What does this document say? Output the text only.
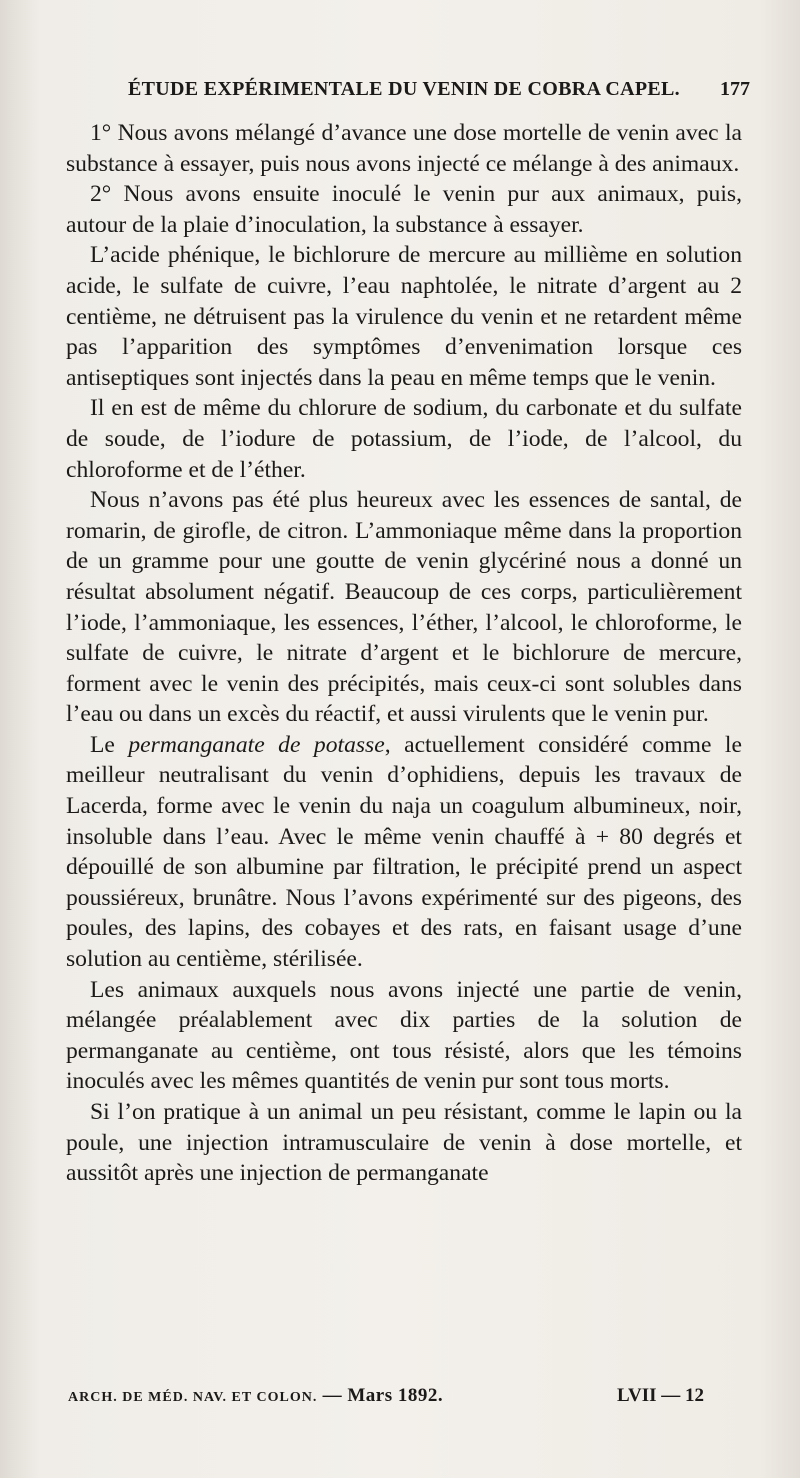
ÉTUDE EXPÉRIMENTALE DU VENIN DE COBRA CAPEL. 177

1° Nous avons mélangé d’avance une dose mortelle de venin avec la substance à essayer, puis nous avons injecté ce mélange à des animaux.

2° Nous avons ensuite inoculé le venin pur aux animaux, puis, autour de la plaie d’inoculation, la substance à essayer.

L’acide phénique, le bichlorure de mercure au millième en solution acide, le sulfate de cuivre, l’eau naphtolée, le nitrate d’argent au 2 centième, ne détruisent pas la virulence du venin et ne retardent même pas l’apparition des symptômes d’envenimation lorsque ces antiseptiques sont injectés dans la peau en même temps que le venin.

Il en est de même du chlorure de sodium, du carbonate et du sulfate de soude, de l’iodure de potassium, de l’iode, de l’alcool, du chloroforme et de l’éther.

Nous n’avons pas été plus heureux avec les essences de santal, de romarin, de girofle, de citron. L’ammoniaque même dans la proportion de un gramme pour une goutte de venin glycériné nous a donné un résultat absolument négatif. Beaucoup de ces corps, particulièrement l’iode, l’ammoniaque, les essences, l’éther, l’alcool, le chloroforme, le sulfate de cuivre, le nitrate d’argent et le bichlorure de mercure, forment avec le venin des précipités, mais ceux-ci sont solubles dans l’eau ou dans un excès du réactif, et aussi virulents que le venin pur.

Le permanganate de potasse, actuellement considéré comme le meilleur neutralisant du venin d’ophidiens, depuis les travaux de Lacerda, forme avec le venin du naja un coagulum albumineux, noir, insoluble dans l’eau. Avec le même venin chauffé à + 80 degrés et dépouillé de son albumine par filtration, le précipité prend un aspect poussiéreux, brunâtre. Nous l’avons expérimenté sur des pigeons, des poules, des lapins, des cobayes et des rats, en faisant usage d’une solution au centième, stérilisée.

Les animaux auxquels nous avons injecté une partie de venin, mélangée préalablement avec dix parties de la solution de permanganate au centième, ont tous résisté, alors que les témoins inoculés avec les mêmes quantités de venin pur sont tous morts.

Si l’on pratique à un animal un peu résistant, comme le lapin ou la poule, une injection intramusculaire de venin à dose mortelle, et aussitôt après une injection de permanganate

ARCH. DE MÉD. NAV. ET COLON. — Mars 1892.	LVII — 12
